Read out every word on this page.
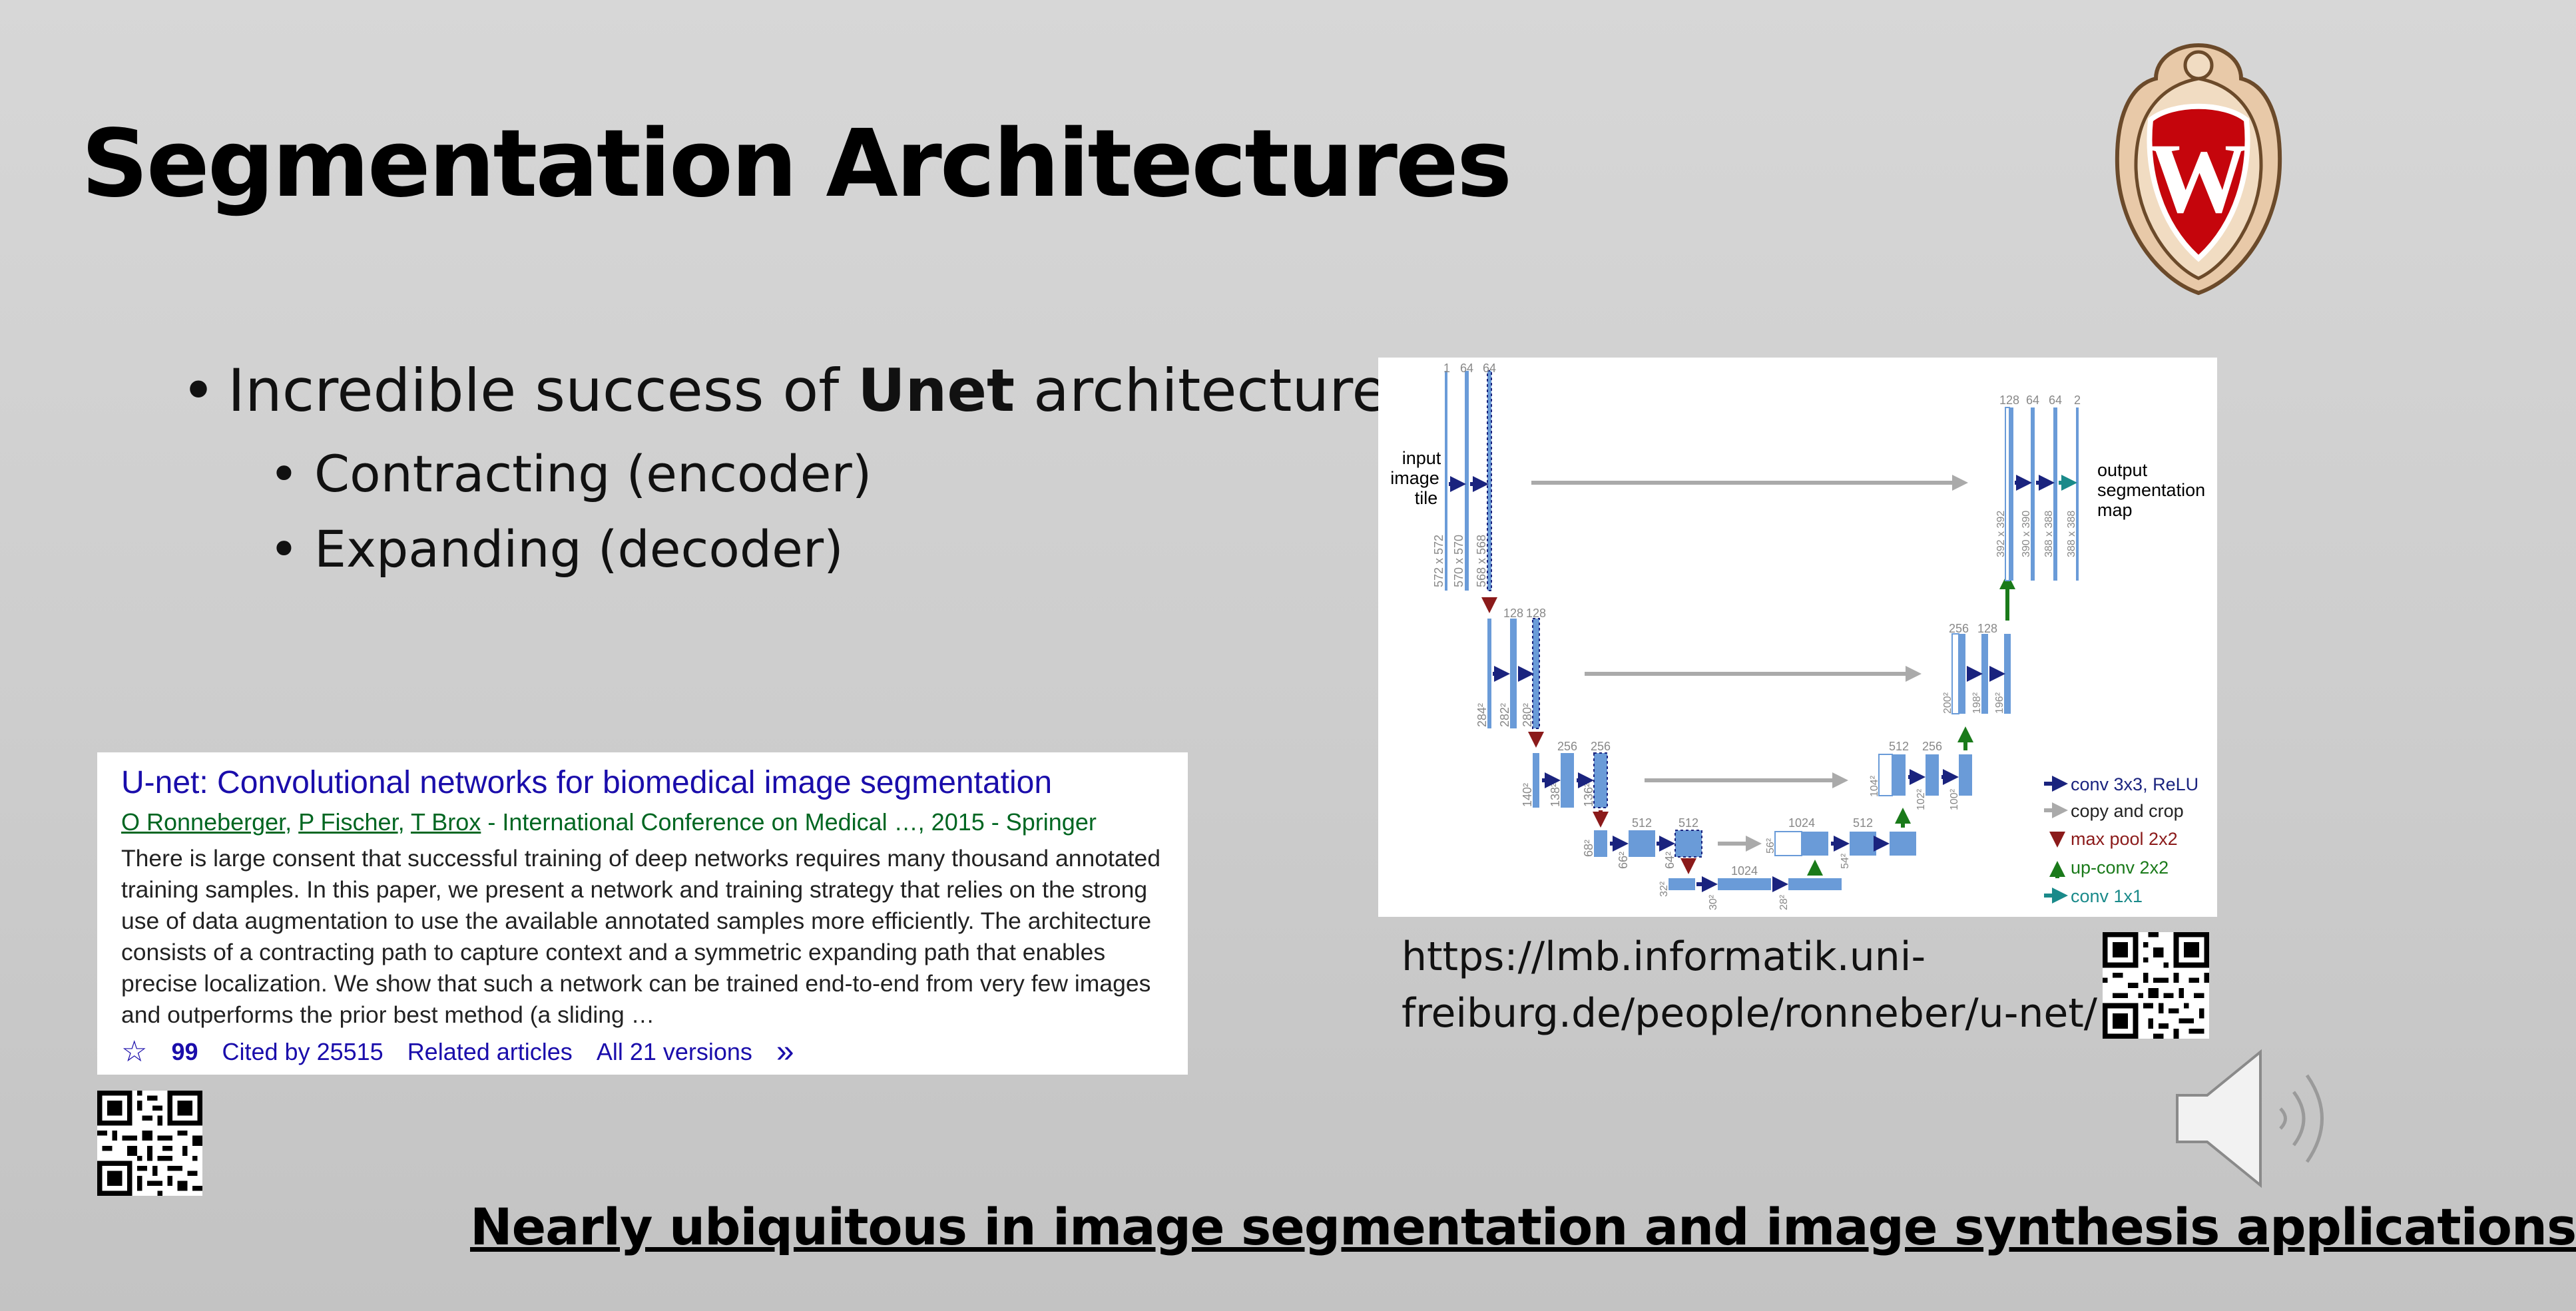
Segmentation Architectures
• Incredible success of Unet architecture
• Contracting (encoder)
• Expanding (decoder)
W
input
image
tile
1 64 64
572 x 572 570 x 570 568 x 568
128 128
284² 282² 280²
256 256
140² 138² 136²
512 512
68²
66²	64²
1024
32²
30²	28²
1024	512
56²
54²
512 256
104²
102² 100²
256 128
200² 198² 196²
128 64 64 2
392 x 392 390 x 390 388 x 388 388 x 388
output
segmentation
map
conv 3x3, ReLU
copy and crop
max pool 2x2
up-conv 2x2
conv 1x1
U-net: Convolutional networks for biomedical image segmentation
O Ronneberger, P Fischer, T Brox - International Conference on Medical …, 2015 - Springer
There is large consent that successful training of deep networks requires many thousand annotated training samples. In this paper, we present a network and training strategy that relies on the strong use of data augmentation to use the available annotated samples more efficiently. The architecture consists of a contracting path to capture context and a symmetric expanding path that enables precise localization. We show that such a network can be trained end-to-end from very few images and outperforms the prior best method (a sliding …
☆ 99 Cited by 25515 Related articles All 21 versions »
https://lmb.informatik.uni-
freiburg.de/people/ronneber/u-net/
Nearly ubiquitous in image segmentation and image synthesis applications
